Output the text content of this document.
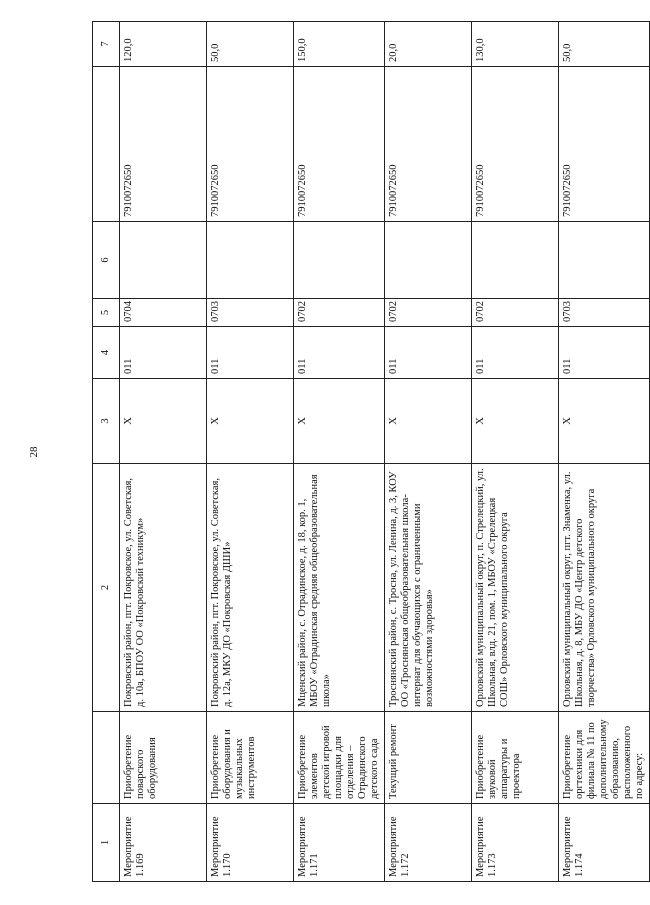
28
1		2	3	4	5	6		7
Мероприятие 1.169	Приобретение поварского оборудования	Покровский район, пгт. Покровское, ул. Советская, д. 10а, БПОУ ОО «Покровский техникум»	Х	011	0704		7910072650	120,0
Мероприятие 1.170	Приобретение оборудования и музыкальных инструментов	Покровский район, пгт. Покровское, ул. Советская, д. 12а, МКУ ДО «Покровская ДШИ»	Х	011	0703		7910072650	50,0
Мероприятие 1.171	Приобретение элементов детской игровой площадки для отделения – Отрадинского детского сада	Мценский район, с. Отрадинское, д. 18, кор. 1, МБОУ «Отрадинская средняя общеобразовательная школа»	Х	011	0702		7910072650	150,0
Мероприятие 1.172	Текущий ремонт	Троснянский район, с. Тросна, ул. Ленина, д. 3, КОУ ОО «Троснянская общеобразовательная школа-интернат для обучающихся с ограниченными возможностями здоровья»	Х	011	0702		7910072650	20,0
Мероприятие 1.173	Приобретение звуковой аппаратуры и проектора	Орловский муниципальный округ, п. Стрелецкий, ул. Школьная, влд. 21, пом. 1, МБОУ «Стрелецкая СОШ» Орловского муниципального округа	Х	011	0702		7910072650	130,0
Мероприятие 1.174	Приобретение оргтехники для филиала № 11 по дополнительному образованию, расположенного по адресу:	Орловский муниципальный округ, пгт. Знаменка, ул. Школьная, д. 8, МБУ ДО «Центр детского творчества» Орловского муниципального округа	Х	011	0703		7910072650	50,0
